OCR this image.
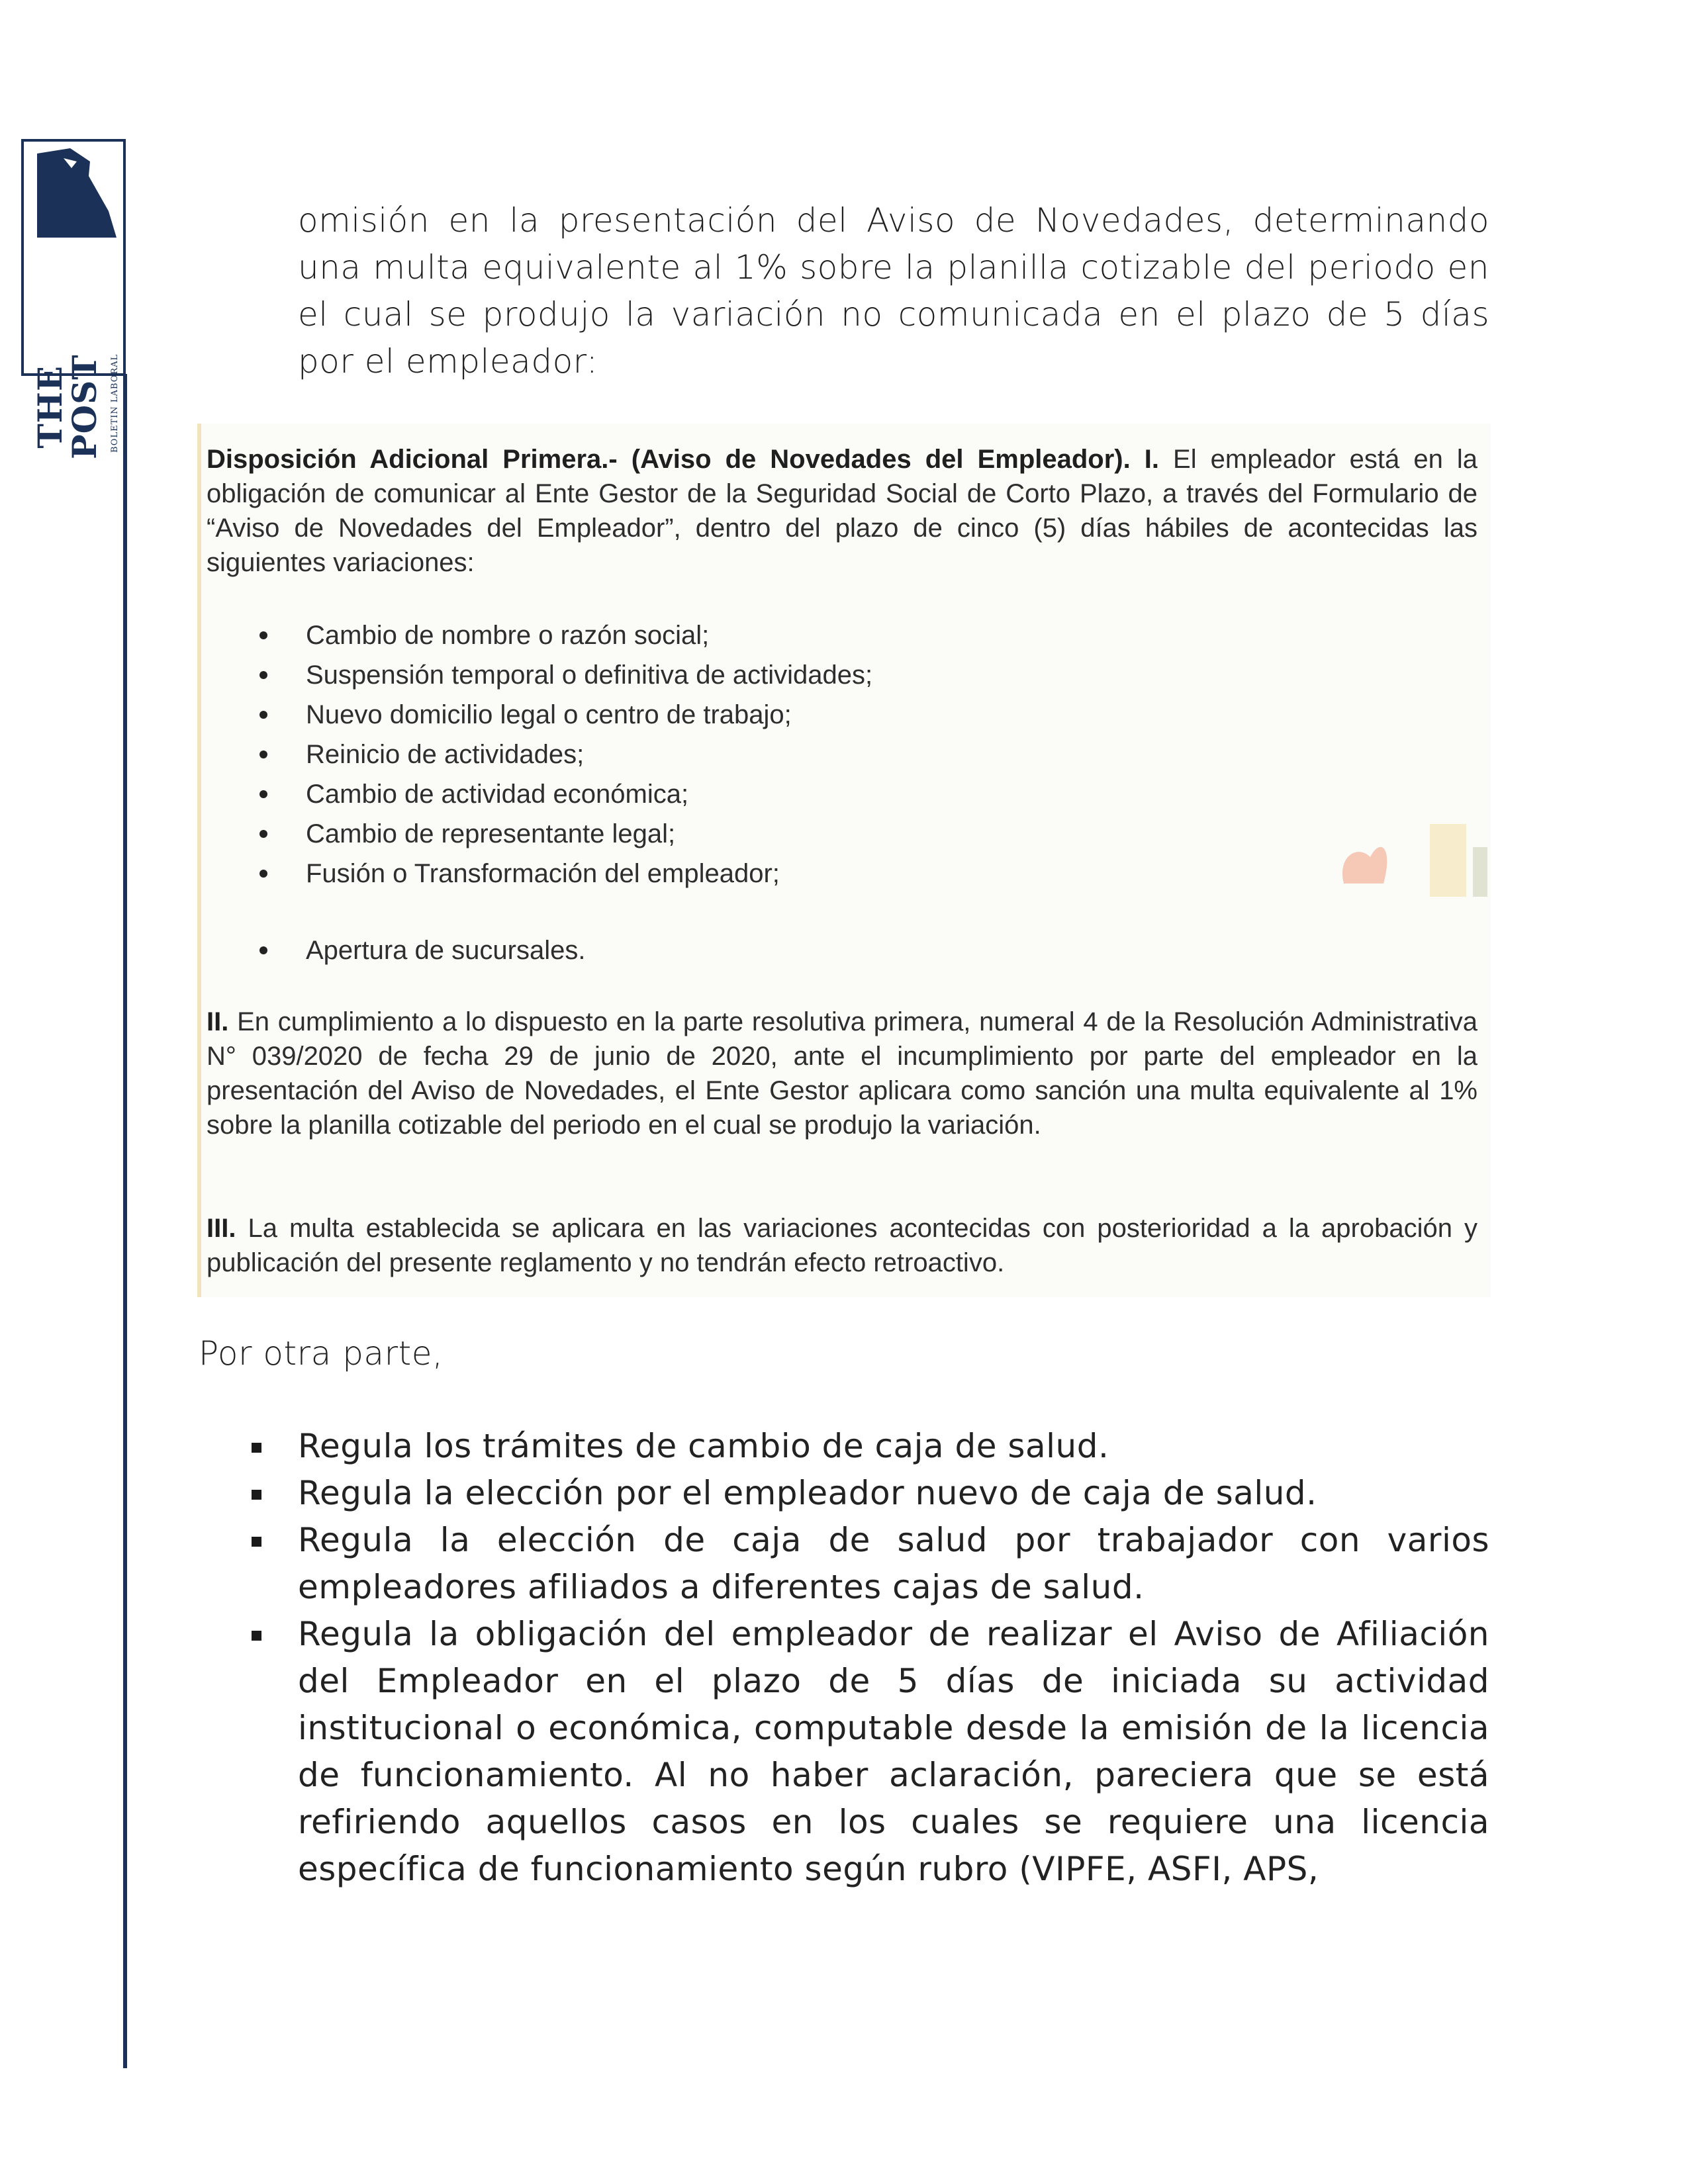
THE
POST BOLETIN LABORAL
omisión en la presentación del Aviso de Novedades, determinando una multa equivalente al 1% sobre la planilla cotizable del periodo en el cual se produjo la variación no comunicada en el plazo de 5 días por el empleador:
Disposición Adicional Primera.- (Aviso de Novedades del Empleador). I. El empleador está en la obligación de comunicar al Ente Gestor de la Seguridad Social de Corto Plazo, a través del Formulario de “Aviso de Novedades del Empleador”, dentro del plazo de cinco (5) días hábiles de acontecidas las siguientes variaciones:
Cambio de nombre o razón social;
Suspensión temporal o definitiva de actividades;
Nuevo domicilio legal o centro de trabajo;
Reinicio de actividades;
Cambio de actividad económica;
Cambio de representante legal;
Fusión o Transformación del empleador;
Apertura de sucursales.
II. En cumplimiento a lo dispuesto en la parte resolutiva primera, numeral 4 de la Resolución Administrativa N° 039/2020 de fecha 29 de junio de 2020, ante el incumplimiento por parte del empleador en la presentación del Aviso de Novedades, el Ente Gestor aplicara como sanción una multa equivalente al 1% sobre la planilla cotizable del periodo en el cual se produjo la variación.
III. La multa establecida se aplicara en las variaciones acontecidas con posterioridad a la aprobación y publicación del presente reglamento y no tendrán efecto retroactivo.
Por otra parte,
Regula los trámites de cambio de caja de salud.
Regula la elección por el empleador nuevo de caja de salud.
Regula la elección de caja de salud por trabajador con varios empleadores afiliados a diferentes cajas de salud.
Regula la obligación del empleador de realizar el Aviso de Afiliación del Empleador en el plazo de 5 días de iniciada su actividad institucional o económica, computable desde la emisión de la licencia de funcionamiento. Al no haber aclaración, pareciera que se está refiriendo aquellos casos en los cuales se requiere una licencia específica de funcionamiento según rubro (VIPFE, ASFI, APS,
